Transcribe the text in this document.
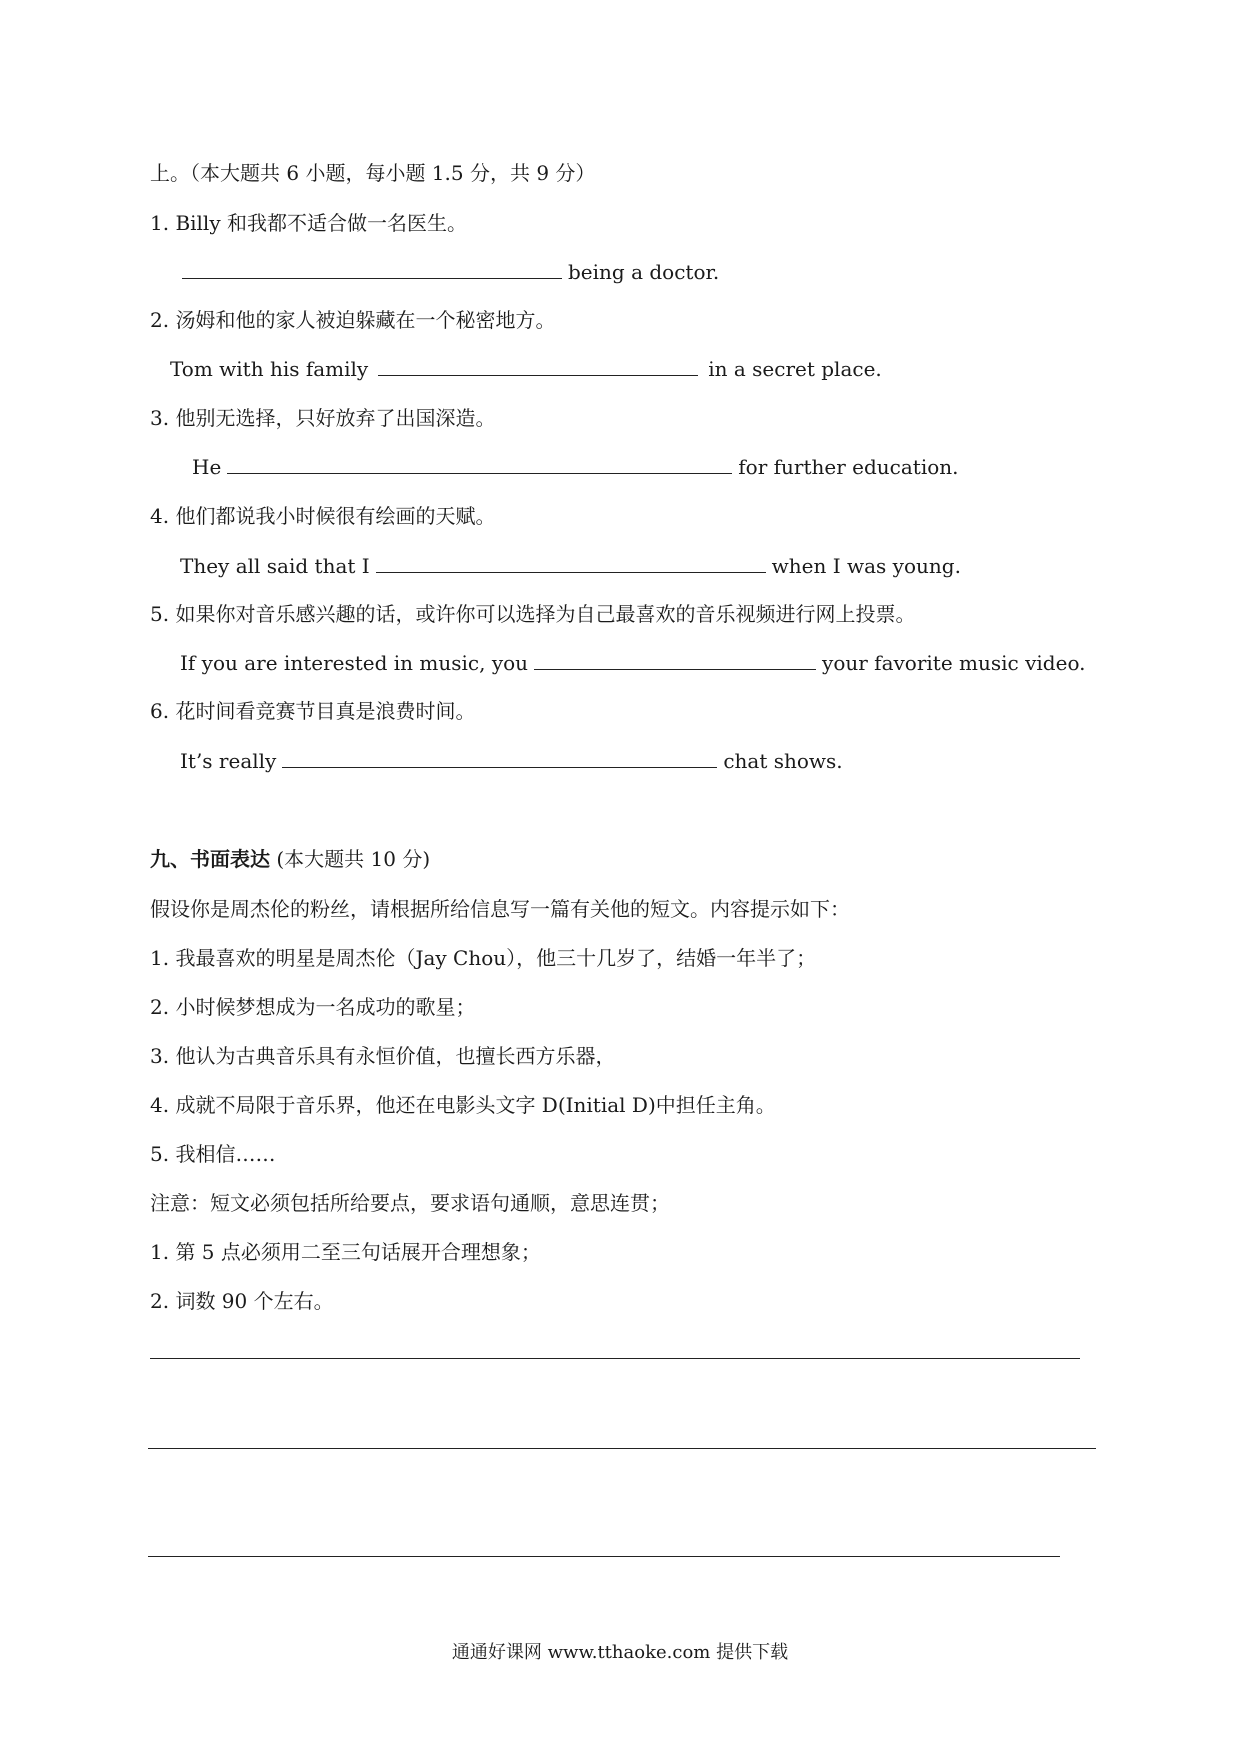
上。（本大题共 6 小题，每小题 1.5 分，共 9 分）
1. Billy 和我都不适合做一名医生。
being a doctor.
2. 汤姆和他的家人被迫躲藏在一个秘密地方。
Tom with his family	in a secret place.
3. 他别无选择，只好放弃了出国深造。
He	for further education.
4. 他们都说我小时候很有绘画的天赋。
They all said that I	when I was young.
5. 如果你对音乐感兴趣的话，或许你可以选择为自己最喜欢的音乐视频进行网上投票。
If you are interested in music, you	your favorite music video.
6. 花时间看竞赛节目真是浪费时间。
It’s really	chat shows.
九、书面表达 (本大题共 10 分)
假设你是周杰伦的粉丝，请根据所给信息写一篇有关他的短文。内容提示如下：
1. 我最喜欢的明星是周杰伦（Jay Chou），他三十几岁了，结婚一年半了；
2. 小时候梦想成为一名成功的歌星；
3. 他认为古典音乐具有永恒价值，也擅长西方乐器，
4. 成就不局限于音乐界，他还在电影头文字 D(Initial D)中担任主角。
5. 我相信……
注意：短文必须包括所给要点，要求语句通顺，意思连贯；
1. 第 5 点必须用二至三句话展开合理想象；
2. 词数 90 个左右。
通通好课网 www.tthaoke.com 提供下载
